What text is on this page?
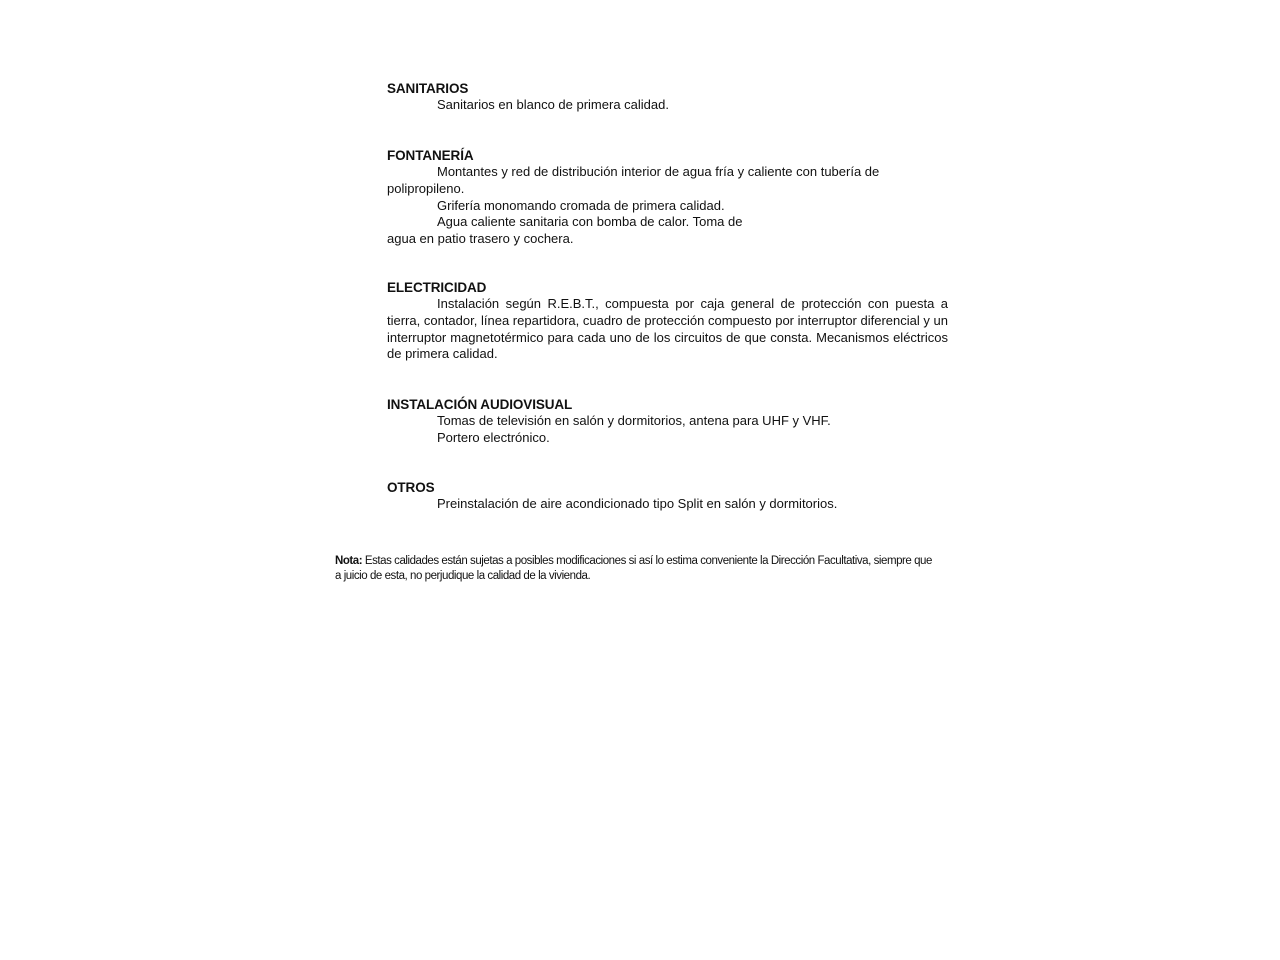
SANITARIOS

Sanitarios en blanco de primera calidad.

FONTANERÍA

Montantes y red de distribución interior de agua fría y caliente con tubería de polipropileno.

Grifería monomando cromada de primera calidad.

Agua caliente sanitaria con bomba de calor. Toma de

agua en patio trasero y cochera.

ELECTRICIDAD

Instalación según R.E.B.T., compuesta por caja general de protección con puesta a tierra, contador, línea repartidora, cuadro de protección compuesto por interruptor diferencial y un interruptor magnetotérmico para cada uno de los circuitos de que consta. Mecanismos eléctricos de primera calidad.

INSTALACIÓN AUDIOVISUAL

Tomas de televisión en salón y dormitorios, antena para UHF y VHF.

Portero electrónico.

OTROS

Preinstalación de aire acondicionado tipo Split en salón y dormitorios.

Nota: Estas calidades están sujetas a posibles modificaciones si así lo estima conveniente la Dirección Facultativa, siempre que a juicio de esta, no perjudique la calidad de la vivienda.
